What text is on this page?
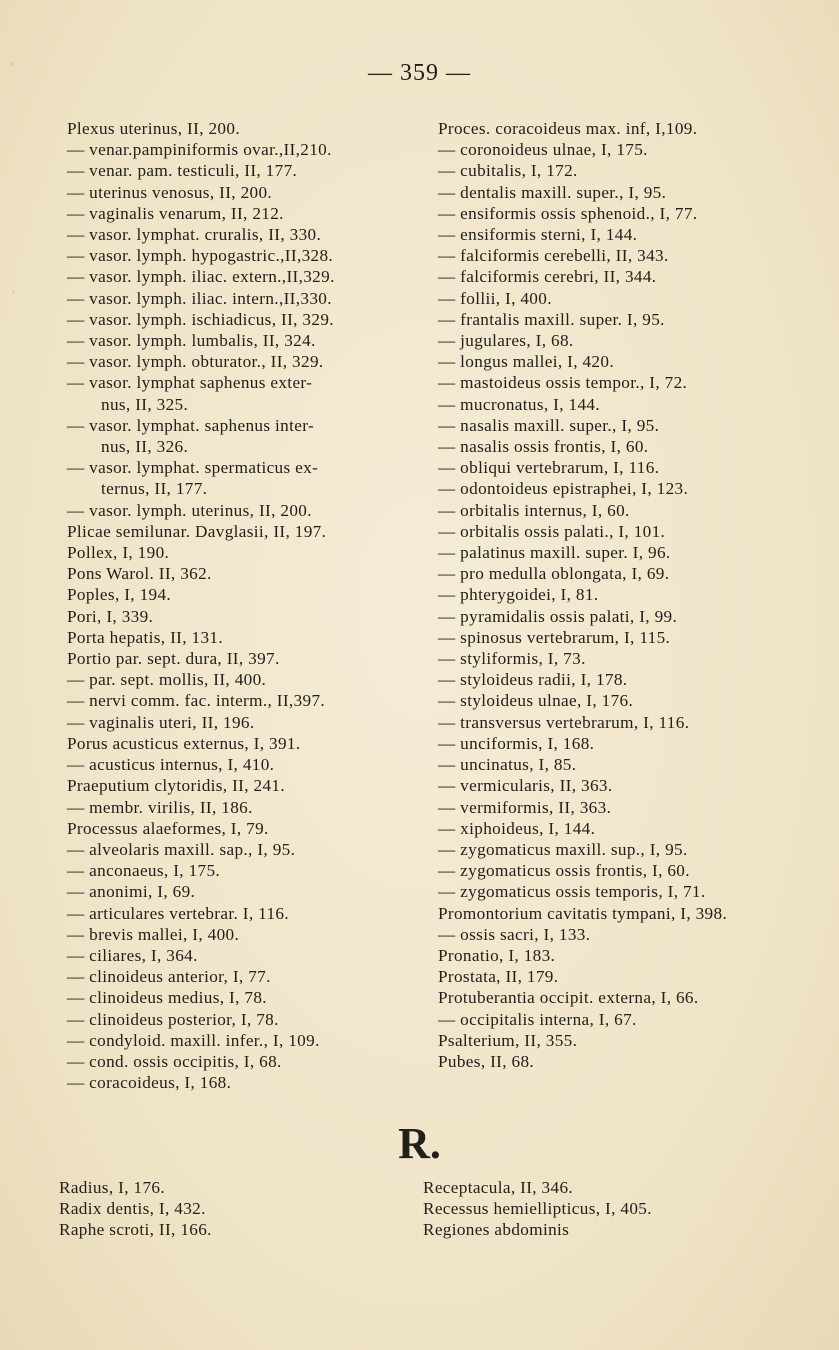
— 359 —
Plexus uterinus, II, 200.
— venar.pampiniformis ovar.,II,210.
— venar. pam. testiculi, II, 177.
— uterinus venosus, II, 200.
— vaginalis venarum, II, 212.
— vasor. lymphat. cruralis, II, 330.
— vasor. lymph. hypogastric.,II,328.
— vasor. lymph. iliac. extern.,II,329.
— vasor. lymph. iliac. intern.,II,330.
— vasor. lymph. ischiadicus, II, 329.
— vasor. lymph. lumbalis, II, 324.
— vasor. lymph. obturator., II, 329.
— vasor. lymphat saphenus exter-
nus, II, 325.
— vasor. lymphat. saphenus inter-
nus, II, 326.
— vasor. lymphat. spermaticus ex-
ternus, II, 177.
— vasor. lymph. uterinus, II, 200.
Plicae semilunar. Davglasii, II, 197.
Pollex, I, 190.
Pons Warol. II, 362.
Poples, I, 194.
Pori, I, 339.
Porta hepatis, II, 131.
Portio par. sept. dura, II, 397.
— par. sept. mollis, II, 400.
— nervi comm. fac. interm., II,397.
— vaginalis uteri, II, 196.
Porus acusticus externus, I, 391.
— acusticus internus, I, 410.
Praeputium clytoridis, II, 241.
— membr. virilis, II, 186.
Processus alaeformes, I, 79.
— alveolaris maxill. sap., I, 95.
— anconaeus, I, 175.
— anonimi, I, 69.
— articulares vertebrar. I, 116.
— brevis mallei, I, 400.
— ciliares, I, 364.
— clinoideus anterior, I, 77.
— clinoideus medius, I, 78.
— clinoideus posterior, I, 78.
— condyloid. maxill. infer., I, 109.
— cond. ossis occipitis, I, 68.
— coracoideus, I, 168.
Proces. coracoideus max. inf, I,109.
— coronoideus ulnae, I, 175.
— cubitalis, I, 172.
— dentalis maxill. super., I, 95.
— ensiformis ossis sphenoid., I, 77.
— ensiformis sterni, I, 144.
— falciformis cerebelli, II, 343.
— falciformis cerebri, II, 344.
— follii, I, 400.
— frantalis maxill. super. I, 95.
— jugulares, I, 68.
— longus mallei, I, 420.
— mastoideus ossis tempor., I, 72.
— mucronatus, I, 144.
— nasalis maxill. super., I, 95.
— nasalis ossis frontis, I, 60.
— obliqui vertebrarum, I, 116.
— odontoideus epistraphei, I, 123.
— orbitalis internus, I, 60.
— orbitalis ossis palati., I, 101.
— palatinus maxill. super. I, 96.
— pro medulla oblongata, I, 69.
— phterygoidei, I, 81.
— pyramidalis ossis palati, I, 99.
— spinosus vertebrarum, I, 115.
— styliformis, I, 73.
— styloideus radii, I, 178.
— styloideus ulnae, I, 176.
— transversus vertebrarum, I, 116.
— unciformis, I, 168.
— uncinatus, I, 85.
— vermicularis, II, 363.
— vermiformis, II, 363.
— xiphoideus, I, 144.
— zygomaticus maxill. sup., I, 95.
— zygomaticus ossis frontis, I, 60.
— zygomaticus ossis temporis, I, 71.
Promontorium cavitatis tympani, I, 398.
— ossis sacri, I, 133.
Pronatio, I, 183.
Prostata, II, 179.
Protuberantia occipit. externa, I, 66.
— occipitalis interna, I, 67.
Psalterium, II, 355.
Pubes, II, 68.
R.
Radius, I, 176.
Radix dentis, I, 432.
Raphe scroti, II, 166.
Receptacula, II, 346.
Recessus hemiellipticus, I, 405.
Regiones abdominis
